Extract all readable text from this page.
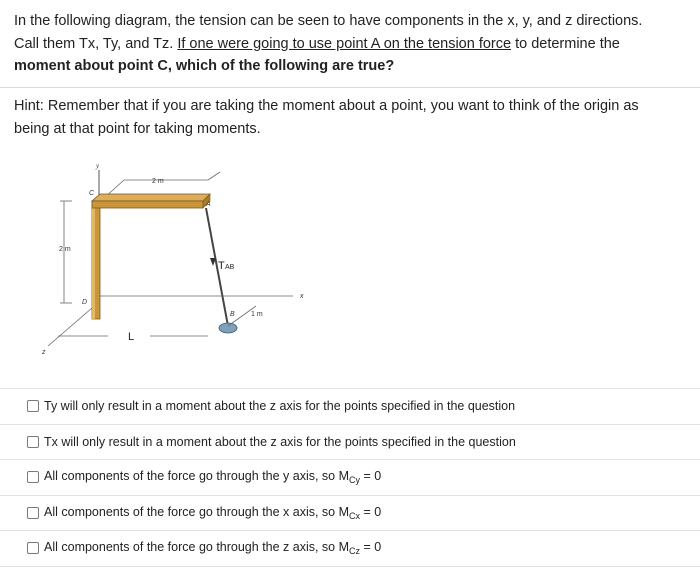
In the following diagram, the tension can be seen to have components in the x, y, and z directions.
Call them Tx, Ty, and Tz. If one were going to use point A on the tension force to determine the
moment about point C, which of the following are true?
Hint: Remember that if you are taking the moment about a point, you want to think of the origin as
being at that point for taking moments.
y
2 m
C
A
2 m
T AB
x
D
L
z
B 1 m
Ty will only result in a moment about the z axis for the points specified in the question
Tx will only result in a moment about the z axis for the points specified in the question
All components of the force go through the y axis, so $M_{Cy} = 0$
All components of the force go through the x axis, so $M_{Cx} = 0$
All components of the force go through the z axis, so $M_{Cz} = 0$
